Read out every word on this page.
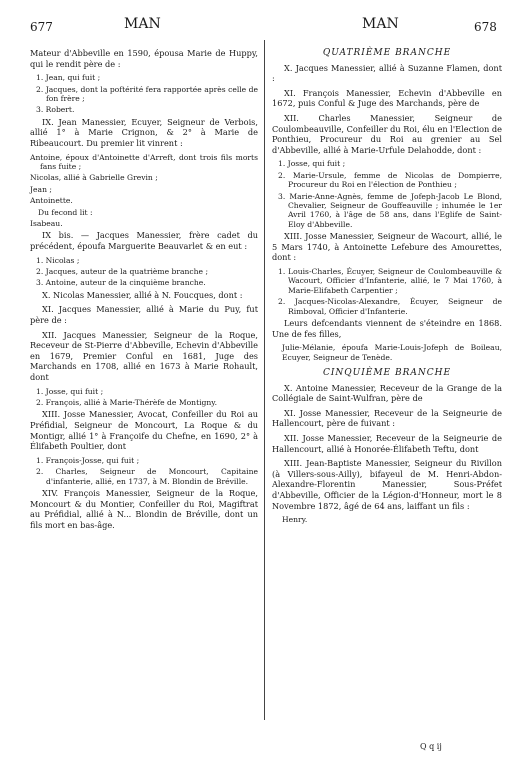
677	MAN	MAN	678

Mateur d'Abbeville en 1590, épousa Marie de Huppy, qui le rendit père de :

1. Jean, qui fuit ;

2. Jacques, dont la poftérité fera rapportée après celle de fon frère ;

3. Robert.

IX. Jean Manessier, Ecuyer, Seigneur de Verbois, allié 1° à Marie Crignon, & 2° à Marie de Ribeaucourt. Du premier lit vinrent :

Antoine, époux d'Antoinette d'Arreft, dont trois fils morts fans fuite ;

Nicolas, allié à Gabrielle Grevin ;

Jean ;

Antoinette.

Du fecond lit :

Isabeau.

IX bis. — Jacques Manessier, frère cadet du précédent, époufa Marguerite Beauvarlet & en eut :

1. Nicolas ;

2. Jacques, auteur de la quatrième branche ;

3. Antoine, auteur de la cinquième branche.

X. Nicolas Manessier, allié à N. Foucques, dont :

XI. Jacques Manessier, allié à Marie du Puy, fut père de :

XII. Jacques Manessier, Seigneur de la Roque, Receveur de St-Pierre d'Abbeville, Echevin d'Abbeville en 1679, Premier Conful en 1681, Juge des Marchands en 1708, allié en 1673 à Marie Rohault, dont

1. Josse, qui fuit ;

2. François, allié à Marie-Thérèfe de Montigny.

XIII. Josse Manessier, Avocat, Confeiller du Roi au Préfidial, Seigneur de Moncourt, La Roque & du Montigr, allié 1° à Françoife du Chefne, en 1690, 2° à Élifabeth Poultier, dont

1. François-Josse, qui fuit ;

2. Charles, Seigneur de Moncourt, Capitaine d'infanterie, allié, en 1737, à M. Blondin de Bréville.

XIV. François Manessier, Seigneur de la Roque, Moncourt & du Montier, Confeiller du Roi, Magiftrat au Préfidial, allié à N... Blondin de Bréville, dont un fils mort en bas-âge.

QUATRIÈME BRANCHE

X. Jacques Manessier, allié à Suzanne Flamen, dont :

XI. François Manessier, Echevin d'Abbeville en 1672, puis Conful & Juge des Marchands, père de

XII. Charles Manessier, Seigneur de Coulombeauville, Confeiller du Roi, élu en l'Election de Ponthieu, Procureur du Roi au grenier au Sel d'Abbeville, allié à Marie-Urfule Delahodde, dont :

1. Josse, qui fuit ;

2. Marie-Ursule, femme de Nicolas de Dompierre, Procureur du Roi en l'élection de Ponthieu ;

3. Marie-Anne-Agnès, femme de Jofeph-Jacob Le Blond, Chevalier, Seigneur de Gouffeauville ; inhumée le 1er Avril 1760, à l'âge de 58 ans, dans l'Eglife de Saint-Eloy d'Abbeville.

XIII. Josse Manessier, Seigneur de Wacourt, allié, le 5 Mars 1740, à Antoinette Lefebure des Amourettes, dont :

1. Louis-Charles, Écuyer, Seigneur de Coulombeauville & Wacourt, Officier d'Infanterie, allié, le 7 Mai 1760, à Marie-Elifabeth Carpentier ;

2. Jacques-Nicolas-Alexandre, Écuyer, Seigneur de Rimboval, Officier d'Infanterie.

Leurs defcendants viennent de s'éteindre en 1868. Une de fes filles,

Julie-Mélanie, époufa Marie-Louis-Jofeph de Boileau, Ecuyer, Seigneur de Tenède.

CINQUIÈME BRANCHE

X. Antoine Manessier, Receveur de la Grange de la Collégiale de Saint-Wulfran, père de

XI. Josse Manessier, Receveur de la Seigneurie de Hallencourt, père de fuivant :

XII. Josse Manessier, Receveur de la Seigneurie de Hallencourt, allié à Honorée-Élifabeth Teftu, dont

XIII. Jean-Baptiste Manessier, Seigneur du Rivillon (à Villers-sous-Ailly), bifayeul de M. Henri-Abdon-Alexandre-Florentin Manessier, Sous-Préfet d'Abbeville, Officier de la Légion-d'Honneur, mort le 8 Novembre 1872, âgé de 64 ans, laiffant un fils :

Henry.

Q q ij
